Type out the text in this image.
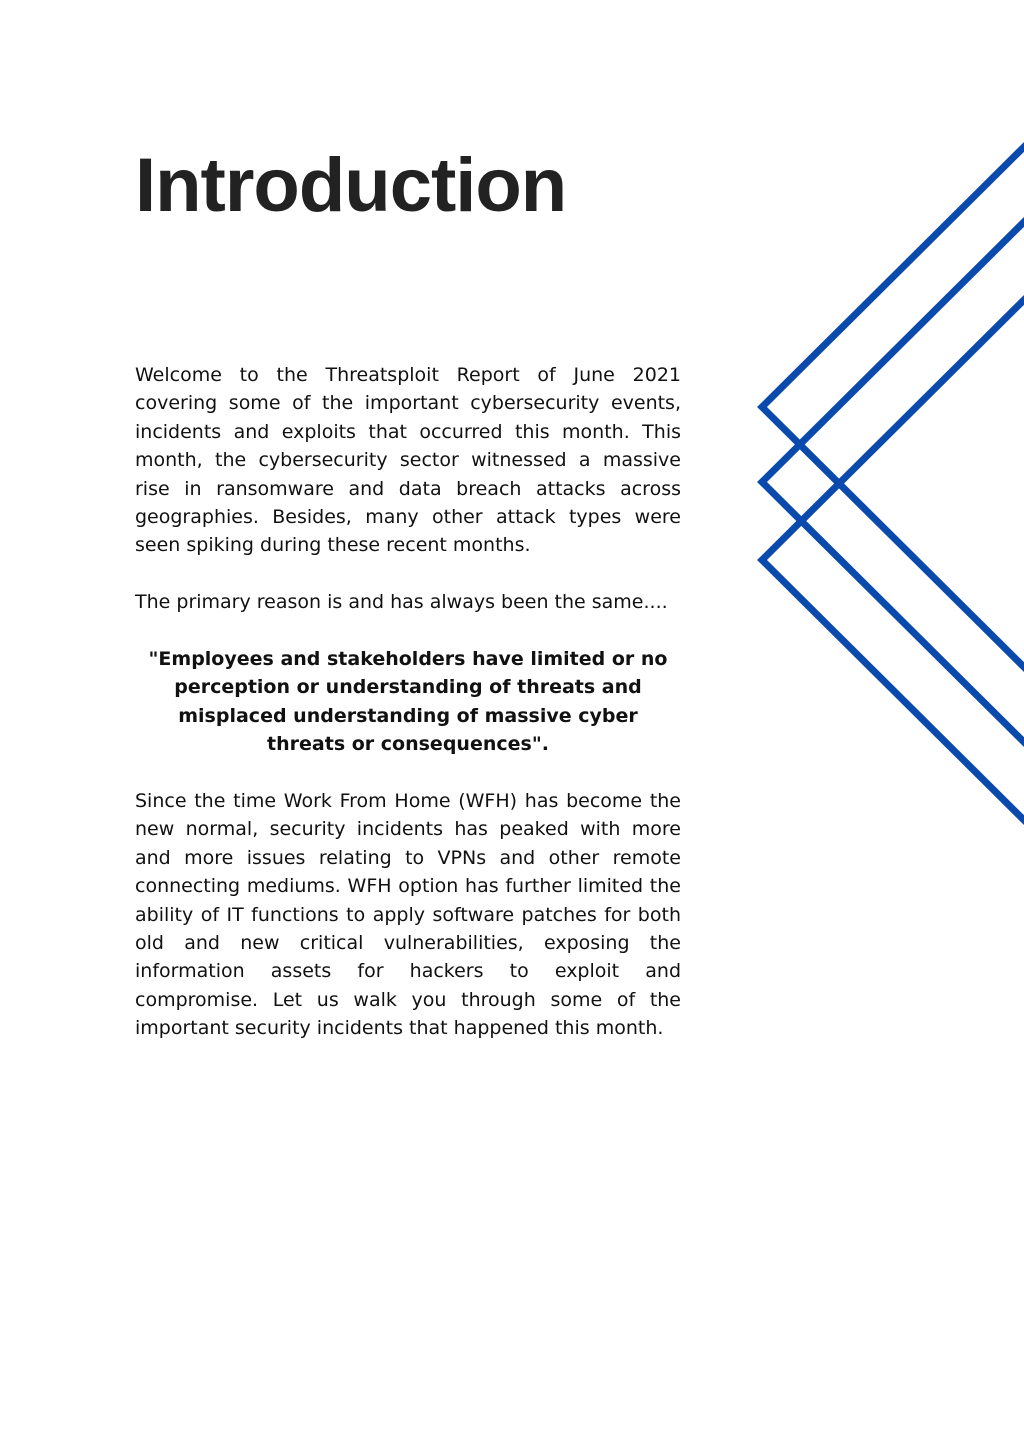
Introduction

Welcome to the Threatsploit Report of June 2021 covering some of the important cybersecurity events, incidents and exploits that occurred this month. This month, the cybersecurity sector witnessed a massive rise in ransomware and data breach attacks across geographies. Besides, many other attack types were seen spiking during these recent months.

The primary reason is and has always been the same....

"Employees and stakeholders have limited or no perception or understanding of threats and misplaced understanding of massive cyber threats or consequences".

Since the time Work From Home (WFH) has become the new normal, security incidents has peaked with more and more issues relating to VPNs and other remote connecting mediums. WFH option has further limited the ability of IT functions to apply software patches for both old and new critical vulnerabilities, exposing the information assets for hackers to exploit and compromise. Let us walk you through some of the important security incidents that happened this month.
